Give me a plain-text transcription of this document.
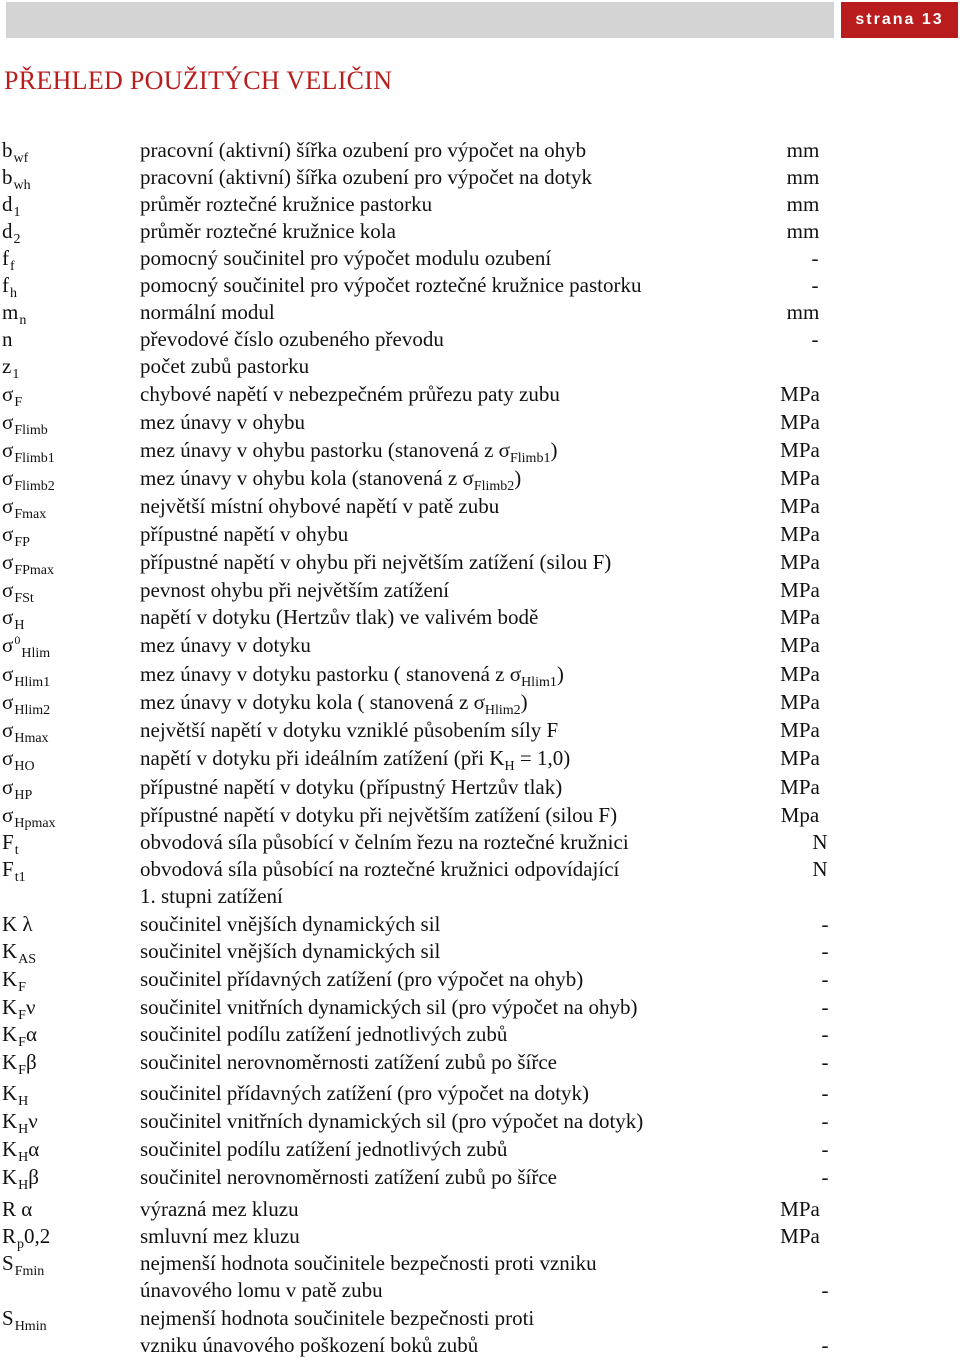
strana 13
PŘEHLED POUŽITÝCH VELIČIN
$b_{wf}$	pracovní (aktivní) šířka ozubení pro výpočet na ohyb	mm
$b_{wh}$	pracovní (aktivní) šířka ozubení pro výpočet na dotyk	mm
$d_1$	průměr roztečné kružnice pastorku	mm
$d_2$	průměr roztečné kružnice kola	mm
$f_f$	pomocný součinitel pro výpočet modulu ozubení	-
$f_h$	pomocný součinitel pro výpočet roztečné kružnice pastorku	-
$m_n$	normální modul	mm
n	převodové číslo ozubeného převodu	-
$z_1$	počet zubů pastorku
$\sigma_F$	chybové napětí v nebezpečném průřezu paty zubu	MPa
$\sigma_{Flimb}$	mez únavy v ohybu	MPa
$\sigma_{Flimb1}$	mez únavy v ohybu pastorku (stanovená z $\sigma_{Flimb1}$)	MPa
$\sigma_{Flimb2}$	mez únavy v ohybu kola (stanovená z $\sigma_{Flimb2}$)	MPa
$\sigma_{Fmax}$	největší místní ohybové napětí v patě zubu	MPa
$\sigma_{FP}$	přípustné napětí v ohybu	MPa
$\sigma_{FPmax}$	přípustné napětí v ohybu při největším zatížení (silou F)	MPa
$\sigma_{FSt}$	pevnost ohybu při největším zatížení	MPa
$\sigma_H$	napětí v dotyku (Hertzův tlak) ve valivém bodě	MPa
$\sigma^0_{Hlim}$	mez únavy v dotyku	MPa
$\sigma_{Hlim1}$	mez únavy v dotyku pastorku ( stanovená z $\sigma_{Hlim1}$)	MPa
$\sigma_{Hlim2}$	mez únavy v dotyku kola ( stanovená z $\sigma_{Hlim2}$)	MPa
$\sigma_{Hmax}$	největší napětí v dotyku vzniklé působením síly F	MPa
$\sigma_{HO}$	napětí v dotyku při ideálním zatížení (při $K_H = 1,0$)	MPa
$\sigma_{HP}$	přípustné napětí v dotyku (přípustný Hertzův tlak)	MPa
$\sigma_{Hpmax}$	přípustné napětí v dotyku při největším zatížení (silou F)	Mpa
$F_t$	obvodová síla působící v čelním řezu na roztečné kružnici	N
$F_{t1}$	obvodová síla působící na roztečné kružnici odpovídající	N
1. stupni zatížení
K λ	součinitel vnějších dynamických sil	-
$K_{AS}$	součinitel vnějších dynamických sil	-
$K_F$	součinitel přídavných zatížení (pro výpočet na ohyb)	-
$K_F\nu$	součinitel vnitřních dynamických sil (pro výpočet na ohyb)	-
$K_F\alpha$	součinitel podílu zatížení jednotlivých zubů	-
$K_F\beta$	součinitel nerovnoměrnosti zatížení zubů po šířce	-
$K_H$	součinitel přídavných zatížení (pro výpočet na dotyk)	-
$K_H\nu$	součinitel vnitřních dynamických sil (pro výpočet na dotyk)	-
$K_H\alpha$	součinitel podílu zatížení jednotlivých zubů	-
$K_H\beta$	součinitel nerovnoměrnosti zatížení zubů po šířce	-
R α	výrazná mez kluzu	MPa
$R_p0,2$	smluvní mez kluzu	MPa
$S_{Fmin}$	nejmenší hodnota součinitele bezpečnosti proti vzniku
únavového lomu v patě zubu	-
$S_{Hmin}$	nejmenší hodnota součinitele bezpečnosti proti
vzniku únavového poškození boků zubů	-
